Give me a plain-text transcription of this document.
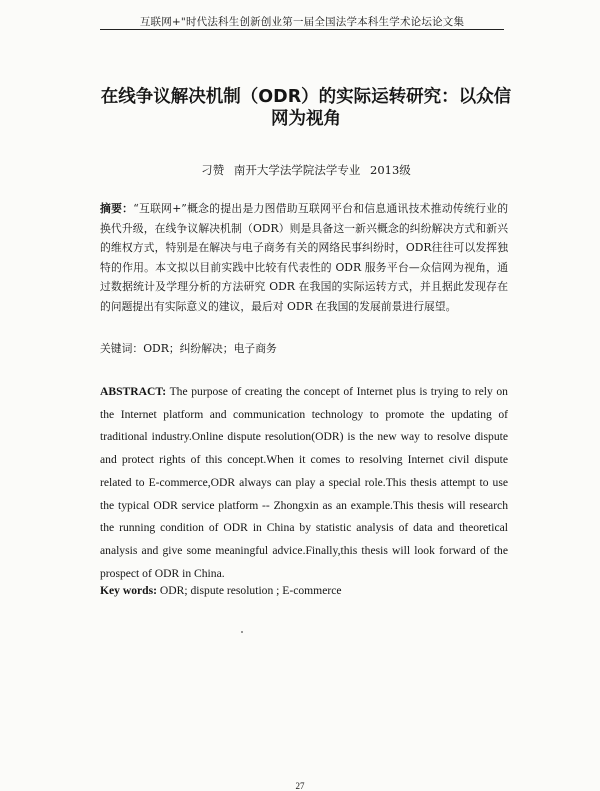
互联网+"时代法科生创新创业第一届全国法学本科生学术论坛论文集
在线争议解决机制（ODR）的实际运转研究：以众信网为视角
刁赞 南开大学法学院法学专业 2013级
摘要：“互联网+”概念的提出是力图借助互联网平台和信息通讯技术推动传统行业的换代升级，在线争议解决机制（ODR）则是具备这一新兴概念的纠纷解决方式和新兴的维权方式，特别是在解决与电子商务有关的网络民事纠纷时，ODR往往可以发挥独特的作用。本文拟以目前实践中比较有代表性的 ODR 服务平台—众信网为视角，通过数据统计及学理分析的方法研究 ODR 在我国的实际运转方式，并且据此发现存在的问题提出有实际意义的建议，最后对 ODR 在我国的发展前景进行展望。
关键词：ODR；纠纷解决；电子商务
ABSTRACT: The purpose of creating the concept of Internet plus is trying to rely on the Internet platform and communication technology to promote the updating of traditional industry.Online dispute resolution(ODR) is the new way to resolve dispute and protect rights of this concept.When it comes to resolving Internet civil dispute related to E-commerce,ODR always can play a special role.This thesis attempt to use the typical ODR service platform -- Zhongxin as an example.This thesis will research the running condition of ODR in China by statistic analysis of data and theoretical analysis and give some meaningful advice.Finally,this thesis will look forward of the prospect of ODR in China.
Key words: ODR; dispute resolution ; E-commerce
27
